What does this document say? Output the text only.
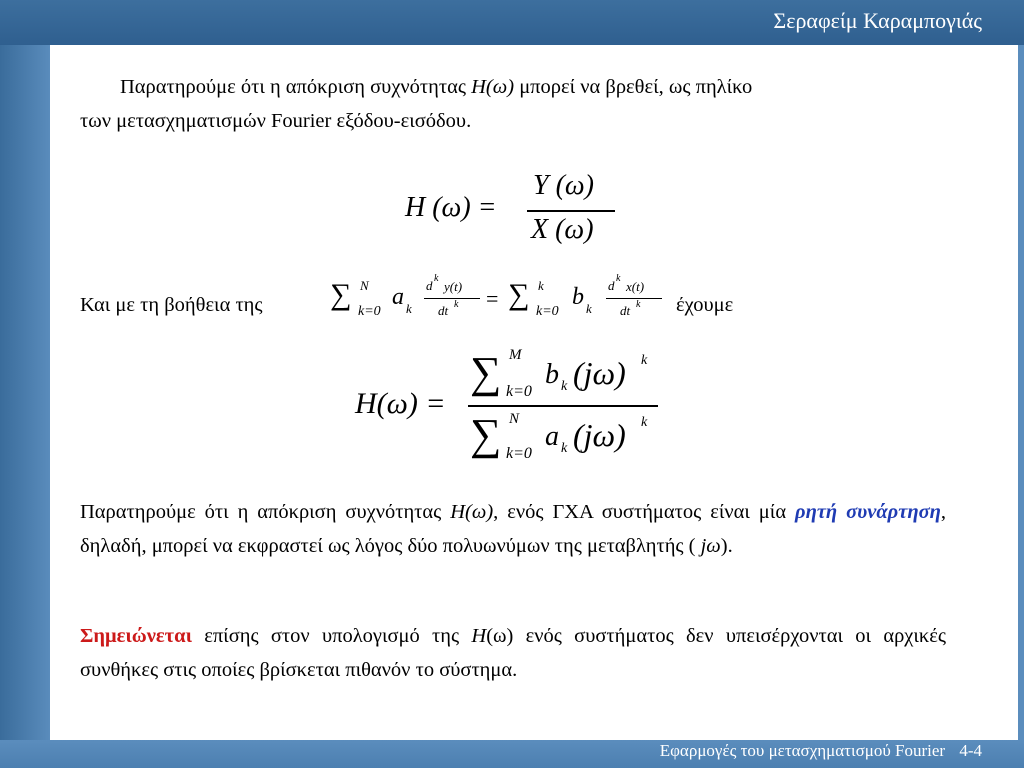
Σεραφείμ Καραμπογιάς
Εφαρμογές του μετασχηματισμού Fourier 4-4
Παρατηρούμε ότι η απόκριση συχνότητας H(ω) μπορεί να βρεθεί, ως πηλίκο
των μετασχηματισμών Fourier εξόδου-εισόδου.
H (ω) =
Y (ω)
X (ω)
Και με τη βοήθεια της ∑ N
k=0
a k
d k
y(t)
dt k = ∑ k
k=0
b k
d k
x(t)
dt k έχουμε
H(ω) =
∑ M
k=0
b k (jω) k
∑ N
k=0
a k (jω) k
Παρατηρούμε ότι η απόκριση συχνότητας H(ω), ενός ΓΧΑ συστήματος είναι μία ρητή συνάρτηση, δηλαδή, μπορεί να εκφραστεί ως λόγος δύο πολυωνύμων της μεταβλητής ( jω).
Σημειώνεται επίσης στον υπολογισμό της H(ω) ενός συστήματος δεν υπεισέρχονται οι αρχικές συνθήκες στις οποίες βρίσκεται πιθανόν το σύστημα.
